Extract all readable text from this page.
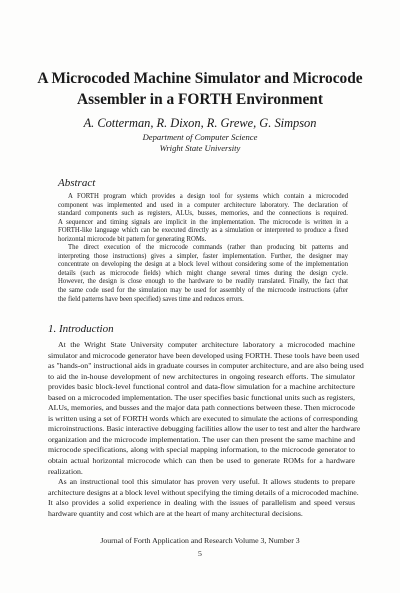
A Microcoded Machine Simulator and Microcode
Assembler in a FORTH Environment
A. Cotterman, R. Dixon, R. Grewe, G. Simpson
Department of Computer Science
Wright State University
Abstract

A FORTH program which provides a design tool for systems which contain a microcoded
component was implemented and used in a computer architecture laboratory. The declaration of
standard components such as registers, ALUs, busses, memories, and the connections is required.
A sequencer and timing signals are implicit in the implementation. The microcode is written in a
FORTH-like language which can be executed directly as a simulation or interpreted to produce a fixed
horizontal microcode bit pattern for generating ROMs.

The direct execution of the microcode commands (rather than producing bit patterns and
interpreting those instructions) gives a simpler, faster implementation. Further, the designer may
concentrate on developing the design at a block level without considering some of the implementation
details (such as microcode fields) which might change several times during the design cycle.
However, the design is close enough to the hardware to be readily translated. Finally, the fact that
the same code used for the simulation may be used for assembly of the microcode instructions (after
the field patterns have been specified) saves time and reduces errors.

1. Introduction

At the Wright State University computer architecture laboratory a microcoded machine
simulator and microcode generator have been developed using FORTH. These tools have been used
as "hands-on" instructional aids in graduate courses in computer architecture, and are also being used
to aid the in-house development of new architectures in ongoing research efforts. The simulator
provides basic block-level functional control and data-flow simulation for a machine architecture
based on a microcoded implementation. The user specifies basic functional units such as registers,
ALUs, memories, and busses and the major data path connections between these. Then microcode
is written using a set of FORTH words which are executed to simulate the actions of corresponding
microinstructions. Basic interactive debugging facilities allow the user to test and alter the hardware
organization and the microcode implementation. The user can then present the same machine and
microcode specifications, along with special mapping information, to the microcode generator to
obtain actual horizontal microcode which can then be used to generate ROMs for a hardware
realization.

As an instructional tool this simulator has proven very useful. It allows students to prepare
architecture designs at a block level without specifying the timing details of a microcoded machine.
It also provides a solid experience in dealing with the issues of parallelism and speed versus
hardware quantity and cost which are at the heart of many architectural decisions.

Journal of Forth Application and Research Volume 3, Number 3
5
